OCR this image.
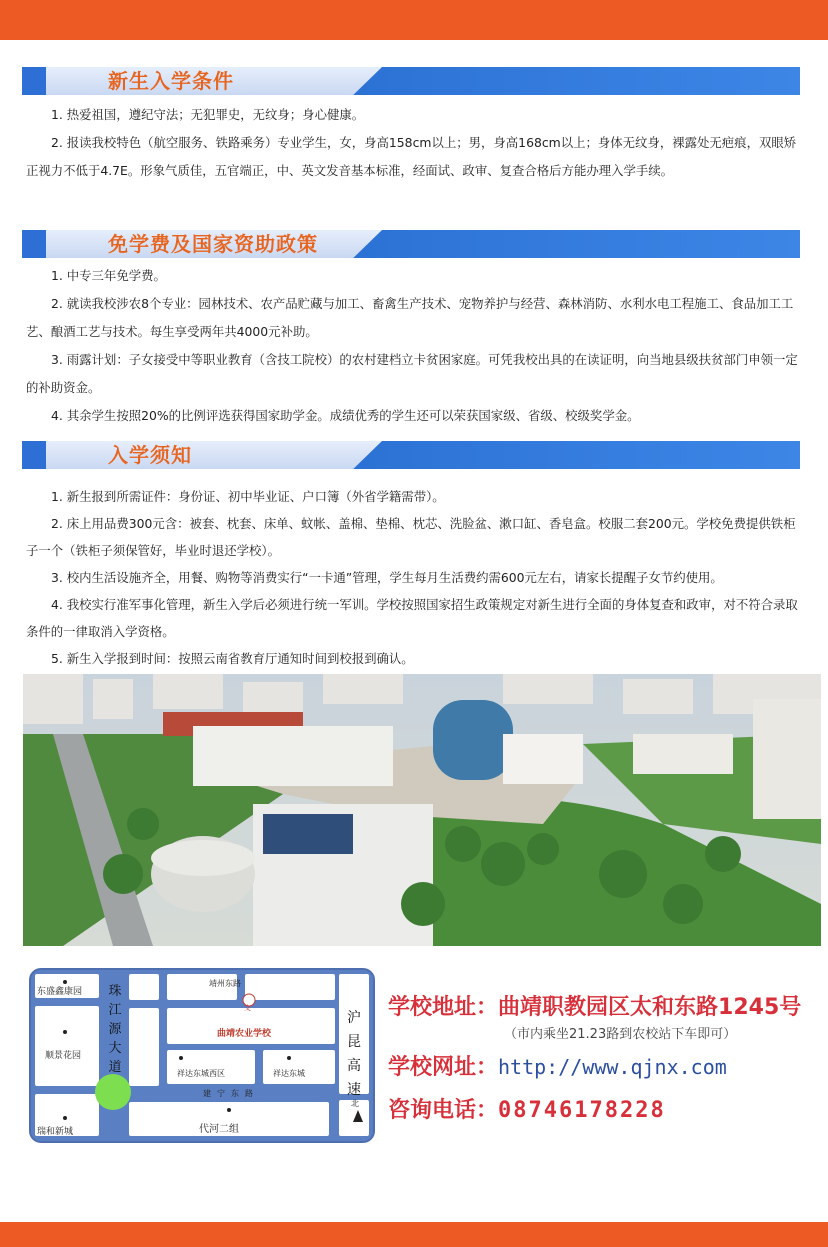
新生入学条件

1. 热爱祖国，遵纪守法；无犯罪史，无纹身；身心健康。

2. 报读我校特色（航空服务、铁路乘务）专业学生，女，身高158cm以上；男，身高168cm以上；身体无纹身，裸露处无疤痕，双眼矫正视力不低于4.7E。形象气质佳，五官端正，中、英文发音基本标准，经面试、政审、复查合格后方能办理入学手续。

免学费及国家资助政策

1. 中专三年免学费。

2. 就读我校涉农8个专业：园林技术、农产品贮藏与加工、畜禽生产技术、宠物养护与经营、森林消防、水利水电工程施工、食品加工工艺、酿酒工艺与技术。每生享受两年共4000元补助。

3. 雨露计划：子女接受中等职业教育（含技工院校）的农村建档立卡贫困家庭。可凭我校出具的在读证明，向当地县级扶贫部门申领一定的补助资金。

4. 其余学生按照20%的比例评选获得国家助学金。成绩优秀的学生还可以荣获国家级、省级、校级奖学金。

入学须知

1. 新生报到所需证件：身份证、初中毕业证、户口簿（外省学籍需带）。

2. 床上用品费300元含：被套、枕套、床单、蚊帐、盖棉、垫棉、枕芯、洗脸盆、漱口缸、香皂盒。校服二套200元。学校免费提供铁柜子一个（铁柜子须保管好，毕业时退还学校）。

3. 校内生活设施齐全，用餐、购物等消费实行“一卡通”管理，学生每月生活费约需600元左右，请家长提醒子女节约使用。

4. 我校实行准军事化管理，新生入学后必须进行统一军训。学校按照国家招生政策规定对新生进行全面的身体复查和政审，对不符合录取条件的一律取消入学资格。

5. 新生入学报到时间：按照云南省教育厅通知时间到校报到确认。

东盛鑫康园
顺景花园
瑞和新城
曲靖农业学校
文
祥达东城西区	祥达东城
代河二组
靖州东路
建宁东路
珠
江
源
大
道
沪
昆
高
速
北
学校地址：曲靖职教园区太和东路1245号
（市内乘坐21.23路到农校站下车即可）
学校网址：http://www.qjnx.com
咨询电话：08746178228
